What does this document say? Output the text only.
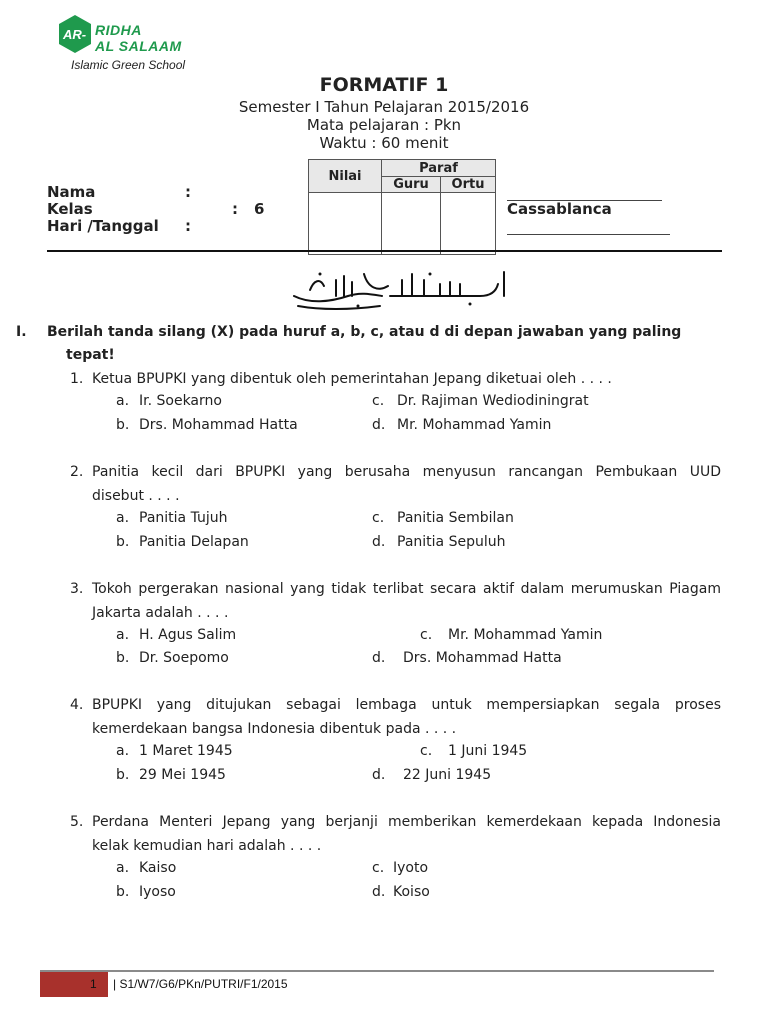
AR- RIDHA
AL SALAAM
Islamic Green School
FORMATIF 1
Semester I Tahun Pelajaran 2015/2016
Mata pelajaran : Pkn
Waktu : 60 menit
Nama	:
Kelas	: 6
Hari /Tanggal :
Cassablanca
Nilai	Paraf	
	Guru	Ortu

I. Berilah tanda silang (X) pada huruf a, b, c, atau d di depan jawaban yang paling
tepat!
1. Ketua BPUPKI yang dibentuk oleh pemerintahan Jepang diketuai oleh . . . .
a. Ir. Soekarno	c. Dr. Rajiman Wediodiningrat
b. Drs. Mohammad Hatta	d. Mr. Mohammad Yamin
2. Panitia kecil dari BPUPKI yang berusaha menyusun rancangan Pembukaan UUD
disebut . . . .
a. Panitia Tujuh	c. Panitia Sembilan
b. Panitia Delapan	d. Panitia Sepuluh
3. Tokoh pergerakan nasional yang tidak terlibat secara aktif dalam merumuskan Piagam
Jakarta adalah . . . .
a. H. Agus Salim	c. Mr. Mohammad Yamin
b. Dr. Soepomo	d. Drs. Mohammad Hatta
4. BPUPKI yang ditujukan sebagai lembaga untuk mempersiapkan segala proses
kemerdekaan bangsa Indonesia dibentuk pada . . . .
a. 1 Maret 1945	c. 1 Juni 1945
b. 29 Mei 1945	d. 22 Juni 1945
5. Perdana Menteri Jepang yang berjanji memberikan kemerdekaan kepada Indonesia
kelak kemudian hari adalah . . . .
a. Kaiso	c. Iyoto
b. Iyoso	d. Koiso
1 | S1/W7/G6/PKn/PUTRI/F1/2015
